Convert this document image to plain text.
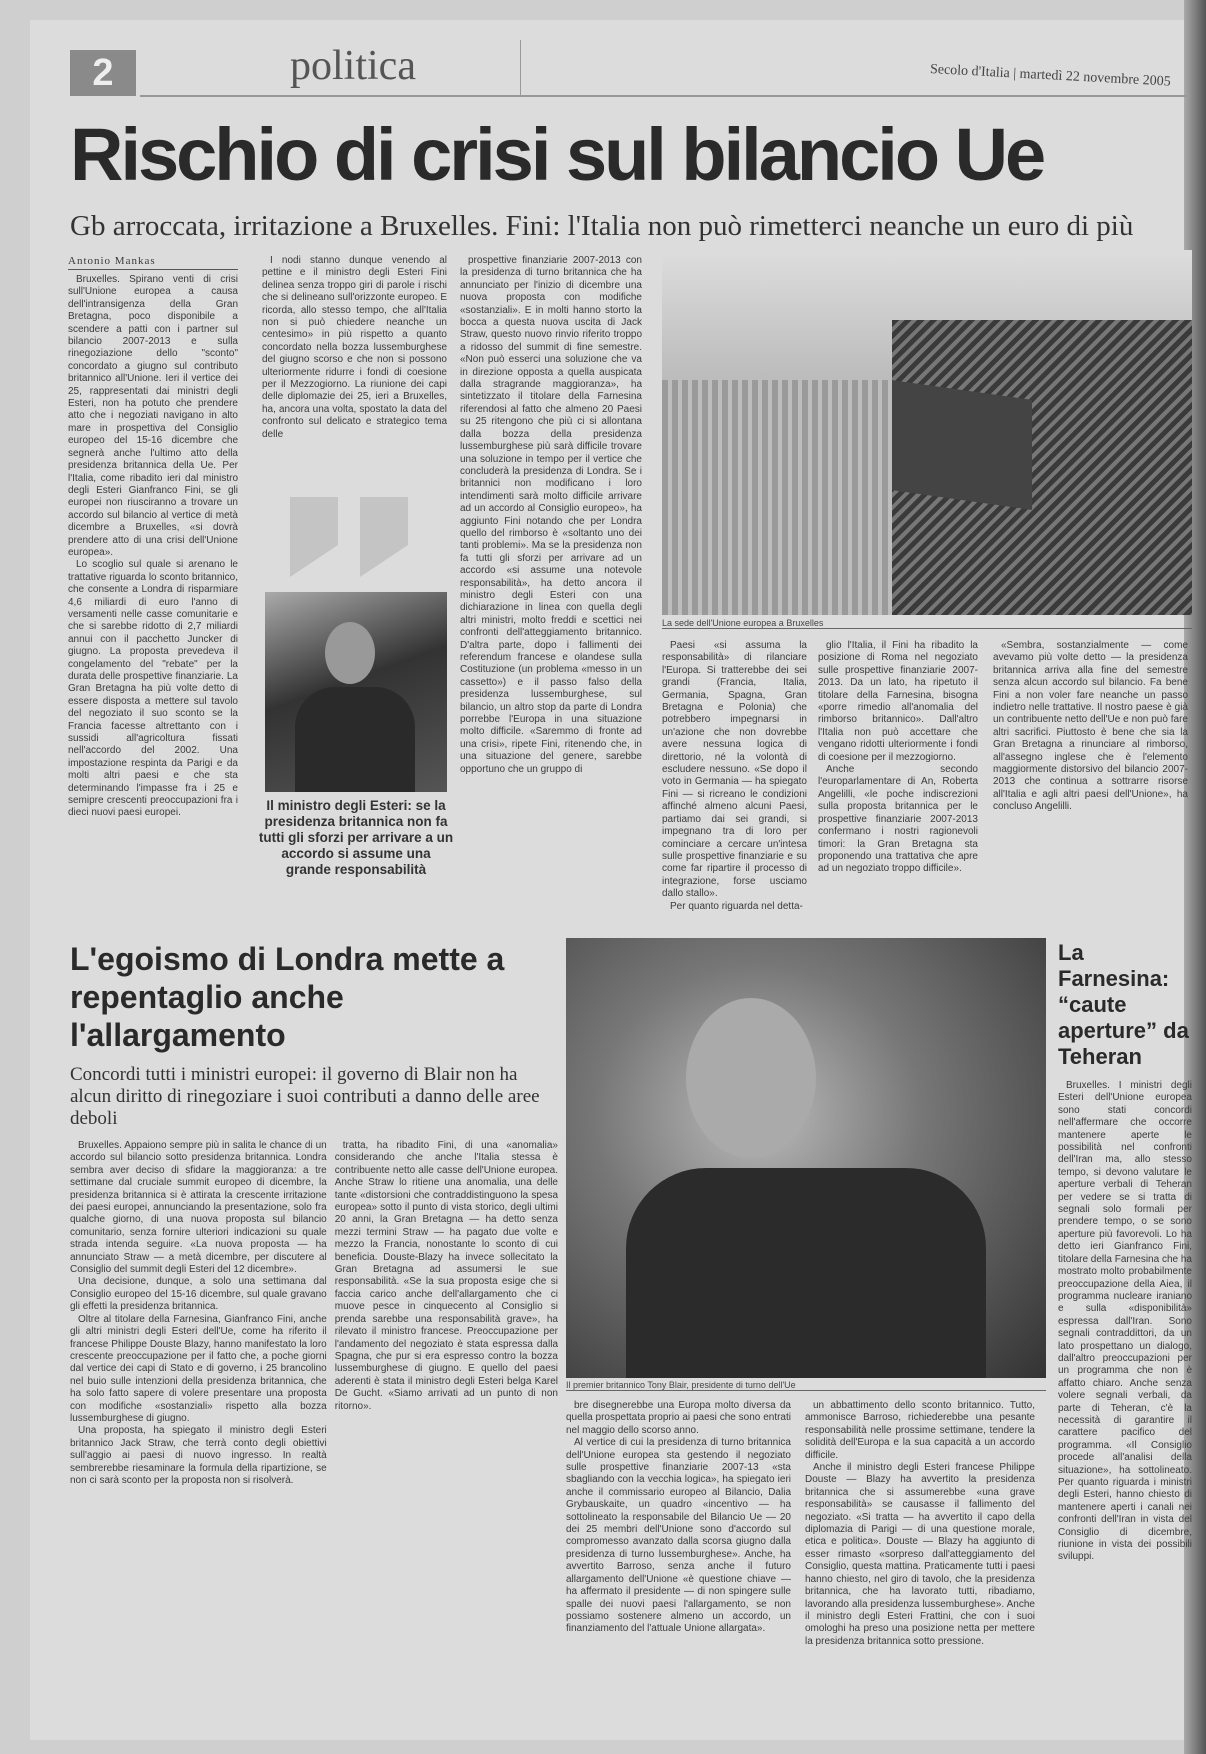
2	politica	Secolo d'Italia | martedì 22 novembre 2005
Rischio di crisi sul bilancio Ue
Gb arroccata, irritazione a Bruxelles. Fini: l'Italia non può rimetterci neanche un euro di più
Antonio Mankas

Bruxelles. Spirano venti di crisi sull'Unione europea a causa dell'intransigenza della Gran Bretagna, poco disponibile a scendere a patti con i partner sul bilancio 2007-2013 e sulla rinegoziazione dello "sconto" concordato a giugno sul contributo britannico all'Unione. Ieri il vertice dei 25, rappresentati dai ministri degli Esteri, non ha potuto che prendere atto che i negoziati navigano in alto mare in prospettiva del Consiglio europeo del 15-16 dicembre che segnerà anche l'ultimo atto della presidenza britannica della Ue. Per l'Italia, come ribadito ieri dal ministro degli Esteri Gianfranco Fini, se gli europei non riusciranno a trovare un accordo sul bilancio al vertice di metà dicembre a Bruxelles, «si dovrà prendere atto di una crisi dell'Unione europea».

Lo scoglio sul quale si arenano le trattative riguarda lo sconto britannico, che consente a Londra di risparmiare 4,6 miliardi di euro l'anno di versamenti nelle casse comunitarie e che si sarebbe ridotto di 2,7 miliardi annui con il pacchetto Juncker di giugno. La proposta prevedeva il congelamento del "rebate" per la durata delle prospettive finanziarie. La Gran Bretagna ha più volte detto di essere disposta a mettere sul tavolo del negoziato il suo sconto se la Francia facesse altrettanto con i sussidi all'agricoltura fissati nell'accordo del 2002. Una impostazione respinta da Parigi e da molti altri paesi e che sta determinando l'impasse fra i 25 e semipre crescenti preoccupazioni fra i dieci nuovi paesi europei.

I nodi stanno dunque venendo al pettine e il ministro degli Esteri Fini delinea senza troppo giri di parole i rischi che si delineano sull'orizzonte europeo. E ricorda, allo stesso tempo, che all'Italia non si può chiedere neanche un centesimo» in più rispetto a quanto concordato nella bozza lussemburghese del giugno scorso e che non si possono ulteriormente ridurre i fondi di coesione per il Mezzogiorno. La riunione dei capi delle diplomazie dei 25, ieri a Bruxelles, ha, ancora una volta, spostato la data del confronto sul delicato e strategico tema delle

Il ministro degli Esteri: se la presidenza britannica non fa tutti gli sforzi per arrivare a un accordo si assume una grande responsabilità

prospettive finanziarie 2007-2013 con la presidenza di turno britannica che ha annunciato per l'inizio di dicembre una nuova proposta con modifiche «sostanziali». E in molti hanno storto la bocca a questa nuova uscita di Jack Straw, questo nuovo rinvio riferito troppo a ridosso del summit di fine semestre. «Non può esserci una soluzione che va in direzione opposta a quella auspicata dalla stragrande maggioranza», ha sintetizzato il titolare della Farnesina riferendosi al fatto che almeno 20 Paesi su 25 ritengono che più ci si allontana dalla bozza della presidenza lussemburghese più sarà difficile trovare una soluzione in tempo per il vertice che concluderà la presidenza di Londra. Se i britannici non modificano i loro intendimenti sarà molto difficile arrivare ad un accordo al Consiglio europeo», ha aggiunto Fini notando che per Londra quello del rimborso è «soltanto uno dei tanti problemi». Ma se la presidenza non fa tutti gli sforzi per arrivare ad un accordo «si assume una notevole responsabilità», ha detto ancora il ministro degli Esteri con una dichiarazione in linea con quella degli altri ministri, molto freddi e scettici nei confronti dell'atteggiamento britannico. D'altra parte, dopo i fallimenti dei referendum francese e olandese sulla Costituzione (un problema «messo in un cassetto») e il passo falso della presidenza lussemburghese, sul bilancio, un altro stop da parte di Londra porrebbe l'Europa in una situazione molto difficile. «Saremmo di fronte ad una crisi», ripete Fini, ritenendo che, in una situazione del genere, sarebbe opportuno che un gruppo di

La sede dell'Unione europea a Bruxelles

Paesi «si assuma la responsabilità» di rilanciare l'Europa. Si tratterebbe dei sei grandi (Francia, Italia, Germania, Spagna, Gran Bretagna e Polonia) che potrebbero impegnarsi in un'azione che non dovrebbe avere nessuna logica di direttorio, né la volontà di escludere nessuno. «Se dopo il voto in Germania — ha spiegato Fini — si ricreano le condizioni affinché almeno alcuni Paesi, partiamo dai sei grandi, si impegnano tra di loro per cominciare a cercare un'intesa sulle prospettive finanziarie e su come far ripartire il processo di integrazione, forse usciamo dallo stallo».

Per quanto riguarda nel detta-

glio l'Italia, il Fini ha ribadito la posizione di Roma nel negoziato sulle prospettive finanziarie 2007-2013. Da un lato, ha ripetuto il titolare della Farnesina, bisogna «porre rimedio all'anomalia del rimborso britannico». Dall'altro l'Italia non può accettare che vengano ridotti ulteriormente i fondi di coesione per il mezzogiorno.

Anche secondo l'europarlamentare di An, Roberta Angelilli, «le poche indiscrezioni sulla proposta britannica per le prospettive finanziarie 2007-2013 confermano i nostri ragionevoli timori: la Gran Bretagna sta proponendo una trattativa che apre ad un negoziato troppo difficile».

«Sembra, sostanzialmente — come avevamo più volte detto — la presidenza britannica arriva alla fine del semestre senza alcun accordo sul bilancio. Fa bene Fini a non voler fare neanche un passo indietro nelle trattative. Il nostro paese è già un contribuente netto dell'Ue e non può fare altri sacrifici. Piuttosto è bene che sia la Gran Bretagna a rinunciare al rimborso, all'assegno inglese che è l'elemento maggiormente distorsivo del bilancio 2007-2013 che continua a sottrarre risorse all'Italia e agli altri paesi dell'Unione», ha concluso Angelilli.

L'egoismo di Londra mette a repentaglio anche l'allargamento
Concordi tutti i ministri europei: il governo di Blair non ha alcun diritto di rinegoziare i suoi contributi a danno delle aree deboli

Bruxelles. Appaiono sempre più in salita le chance di un accordo sul bilancio sotto presidenza britannica. Londra sembra aver deciso di sfidare la maggioranza: a tre settimane dal cruciale summit europeo di dicembre, la presidenza britannica si è attirata la crescente irritazione dei paesi europei, annunciando la presentazione, solo fra qualche giorno, di una nuova proposta sul bilancio comunitario, senza fornire ulteriori indicazioni su quale strada intenda seguire. «La nuova proposta — ha annunciato Straw — a metà dicembre, per discutere al Consiglio del summit degli Esteri del 12 dicembre».

Una decisione, dunque, a solo una settimana dal Consiglio europeo del 15-16 dicembre, sul quale gravano gli effetti la presidenza britannica.

Oltre al titolare della Farnesina, Gianfranco Fini, anche gli altri ministri degli Esteri dell'Ue, come ha riferito il francese Philippe Douste Blazy, hanno manifestato la loro crescente preoccupazione per il fatto che, a poche giorni dal vertice dei capi di Stato e di governo, i 25 brancolino nel buio sulle intenzioni della presidenza britannica, che ha solo fatto sapere di volere presentare una proposta con modifiche «sostanziali» rispetto alla bozza lussemburghese di giugno.

Una proposta, ha spiegato il ministro degli Esteri britannico Jack Straw, che terrà conto degli obiettivi sull'aggio ai paesi di nuovo ingresso. In realtà sembrerebbe riesaminare la formula della ripartizione, se non ci sarà sconto per la proposta non si risolverà.

tratta, ha ribadito Fini, di una «anomalia» considerando che anche l'Italia stessa è contribuente netto alle casse dell'Unione europea. Anche Straw lo ritiene una anomalia, una delle tante «distorsioni che contraddistinguono la spesa europea» sotto il punto di vista storico, degli ultimi 20 anni, la Gran Bretagna — ha detto senza mezzi termini Straw — ha pagato due volte e mezzo la Francia, nonostante lo sconto di cui beneficia. Douste-Blazy ha invece sollecitato la Gran Bretagna ad assumersi le sue responsabilità. «Se la sua proposta esige che si faccia carico anche dell'allargamento che ci muove pesce in cinquecento al Consiglio si prenda sarebbe una responsabilità grave», ha rilevato il ministro francese. Preoccupazione per l'andamento del negoziato è stata espressa dalla Spagna, che pur si era espresso contro la bozza lussemburghese di giugno. E quello del paesi aderenti è stata il ministro degli Esteri belga Karel De Gucht. «Siamo arrivati ad un punto di non ritorno».

Il premier britannico Tony Blair, presidente di turno dell'Ue

bre disegnerebbe una Europa molto diversa da quella prospettata proprio ai paesi che sono entrati nel maggio dello scorso anno.

Al vertice di cui la presidenza di turno britannica dell'Unione europea sta gestendo il negoziato sulle prospettive finanziarie 2007-13 «sta sbagliando con la vecchia logica», ha spiegato ieri anche il commissario europeo al Bilancio, Dalia Grybauskaite, un quadro «incentivo — ha sottolineato la responsabile del Bilancio Ue — 20 dei 25 membri dell'Unione sono d'accordo sul compromesso avanzato dalla scorsa giugno dalla presidenza di turno lussemburghese». Anche, ha avvertito Barroso, senza anche il futuro allargamento dell'Unione «è questione chiave — ha affermato il presidente — di non spingere sulle spalle dei nuovi paesi l'allargamento, se non possiamo sostenere almeno un accordo, un finanziamento del l'attuale Unione allargata».

un abbattimento dello sconto britannico. Tutto, ammonisce Barroso, richiederebbe una pesante responsabilità nelle prossime settimane, tendere la solidità dell'Europa e la sua capacità a un accordo difficile.

Anche il ministro degli Esteri francese Philippe Douste — Blazy ha avvertito la presidenza britannica che si assumerebbe «una grave responsabilità» se causasse il fallimento del negoziato. «Si tratta — ha avvertito il capo della diplomazia di Parigi — di una questione morale, etica e politica». Douste — Blazy ha aggiunto di esser rimasto «sorpreso dall'atteggiamento del Consiglio, questa mattina. Praticamente tutti i paesi hanno chiesto, nel giro di tavolo, che la presidenza britannica, che ha lavorato tutti, ribadiamo, lavorando alla presidenza lussemburghese». Anche il ministro degli Esteri Frattini, che con i suoi omologhi ha preso una posizione netta per mettere la presidenza britannica sotto pressione.

La Farnesina: “caute aperture” da Teheran

Bruxelles. I ministri degli Esteri dell'Unione europea sono stati concordi nell'affermare che occorre mantenere aperte le possibilità nel confronti dell'Iran ma, allo stesso tempo, si devono valutare le aperture verbali di Teheran per vedere se si tratta di segnali solo formali per prendere tempo, o se sono aperture più favorevoli. Lo ha detto ieri Gianfranco Fini, titolare della Farnesina che ha mostrato molto probabilmente preoccupazione della Aiea, il programma nucleare iraniano e sulla «disponibilità» espressa dall'Iran. Sono segnali contraddittori, da un lato prospettano un dialogo, dall'altro preoccupazioni per un programma che non è affatto chiaro. Anche senza volere segnali verbali, da parte di Teheran, c'è la necessità di garantire il carattere pacifico del programma. «Il Consiglio procede all'analisi della situazione», ha sottolineato. Per quanto riguarda i ministri degli Esteri, hanno chiesto di mantenere aperti i canali nei confronti dell'Iran in vista del Consiglio di dicembre, riunione in vista dei possibili sviluppi.
